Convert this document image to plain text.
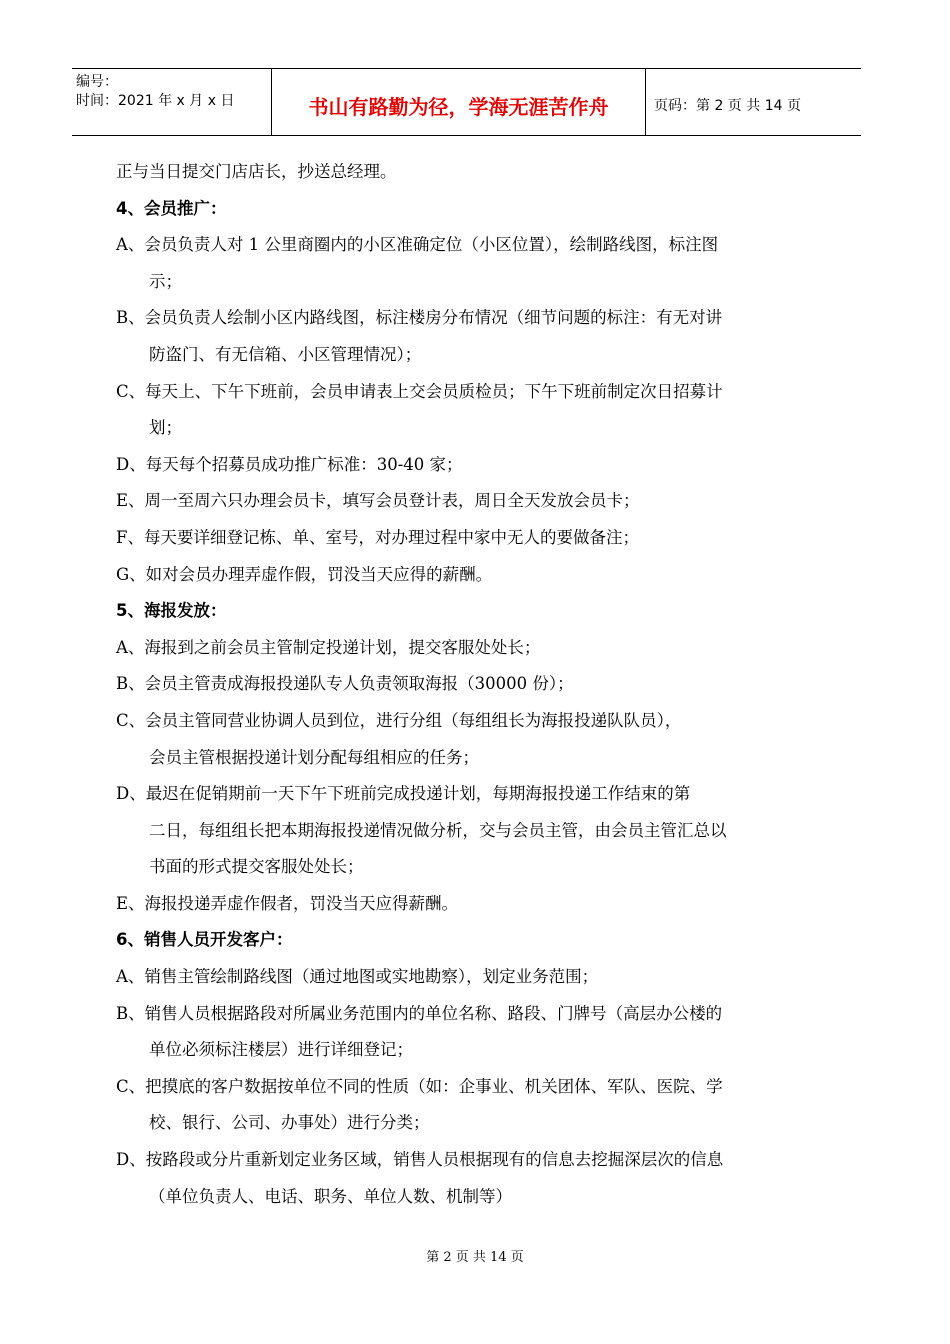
编号：
时间：2021 年 x 月 x 日	书山有路勤为径，学海无涯苦作舟	页码：第 2 页 共 14 页
正与当日提交门店店长，抄送总经理。
4、会员推广：
A、会员负责人对 1 公里商圈内的小区准确定位（小区位置），绘制路线图，标注图
示；
B、会员负责人绘制小区内路线图，标注楼房分布情况（细节问题的标注：有无对讲
防盗门、有无信箱、小区管理情况）；
C、每天上、下午下班前，会员申请表上交会员质检员；下午下班前制定次日招募计
划；
D、每天每个招募员成功推广标准：30-40 家；
E、周一至周六只办理会员卡，填写会员登计表，周日全天发放会员卡；
F、每天要详细登记栋、单、室号，对办理过程中家中无人的要做备注；
G、如对会员办理弄虚作假，罚没当天应得的薪酬。
5、海报发放：
A、海报到之前会员主管制定投递计划，提交客服处处长；
B、会员主管责成海报投递队专人负责领取海报（30000 份）；
C、会员主管同营业协调人员到位，进行分组（每组组长为海报投递队队员），
会员主管根据投递计划分配每组相应的任务；
D、最迟在促销期前一天下午下班前完成投递计划，每期海报投递工作结束的第
二日，每组组长把本期海报投递情况做分析，交与会员主管，由会员主管汇总以
书面的形式提交客服处处长；
E、海报投递弄虚作假者，罚没当天应得薪酬。
6、销售人员开发客户：
A、销售主管绘制路线图（通过地图或实地勘察），划定业务范围；
B、销售人员根据路段对所属业务范围内的单位名称、路段、门牌号（高层办公楼的
单位必须标注楼层）进行详细登记；
C、把摸底的客户数据按单位不同的性质（如：企事业、机关团体、军队、医院、学
校、银行、公司、办事处）进行分类；
D、按路段或分片重新划定业务区域，销售人员根据现有的信息去挖掘深层次的信息
（单位负责人、电话、职务、单位人数、机制等）
第 2 页 共 14 页
